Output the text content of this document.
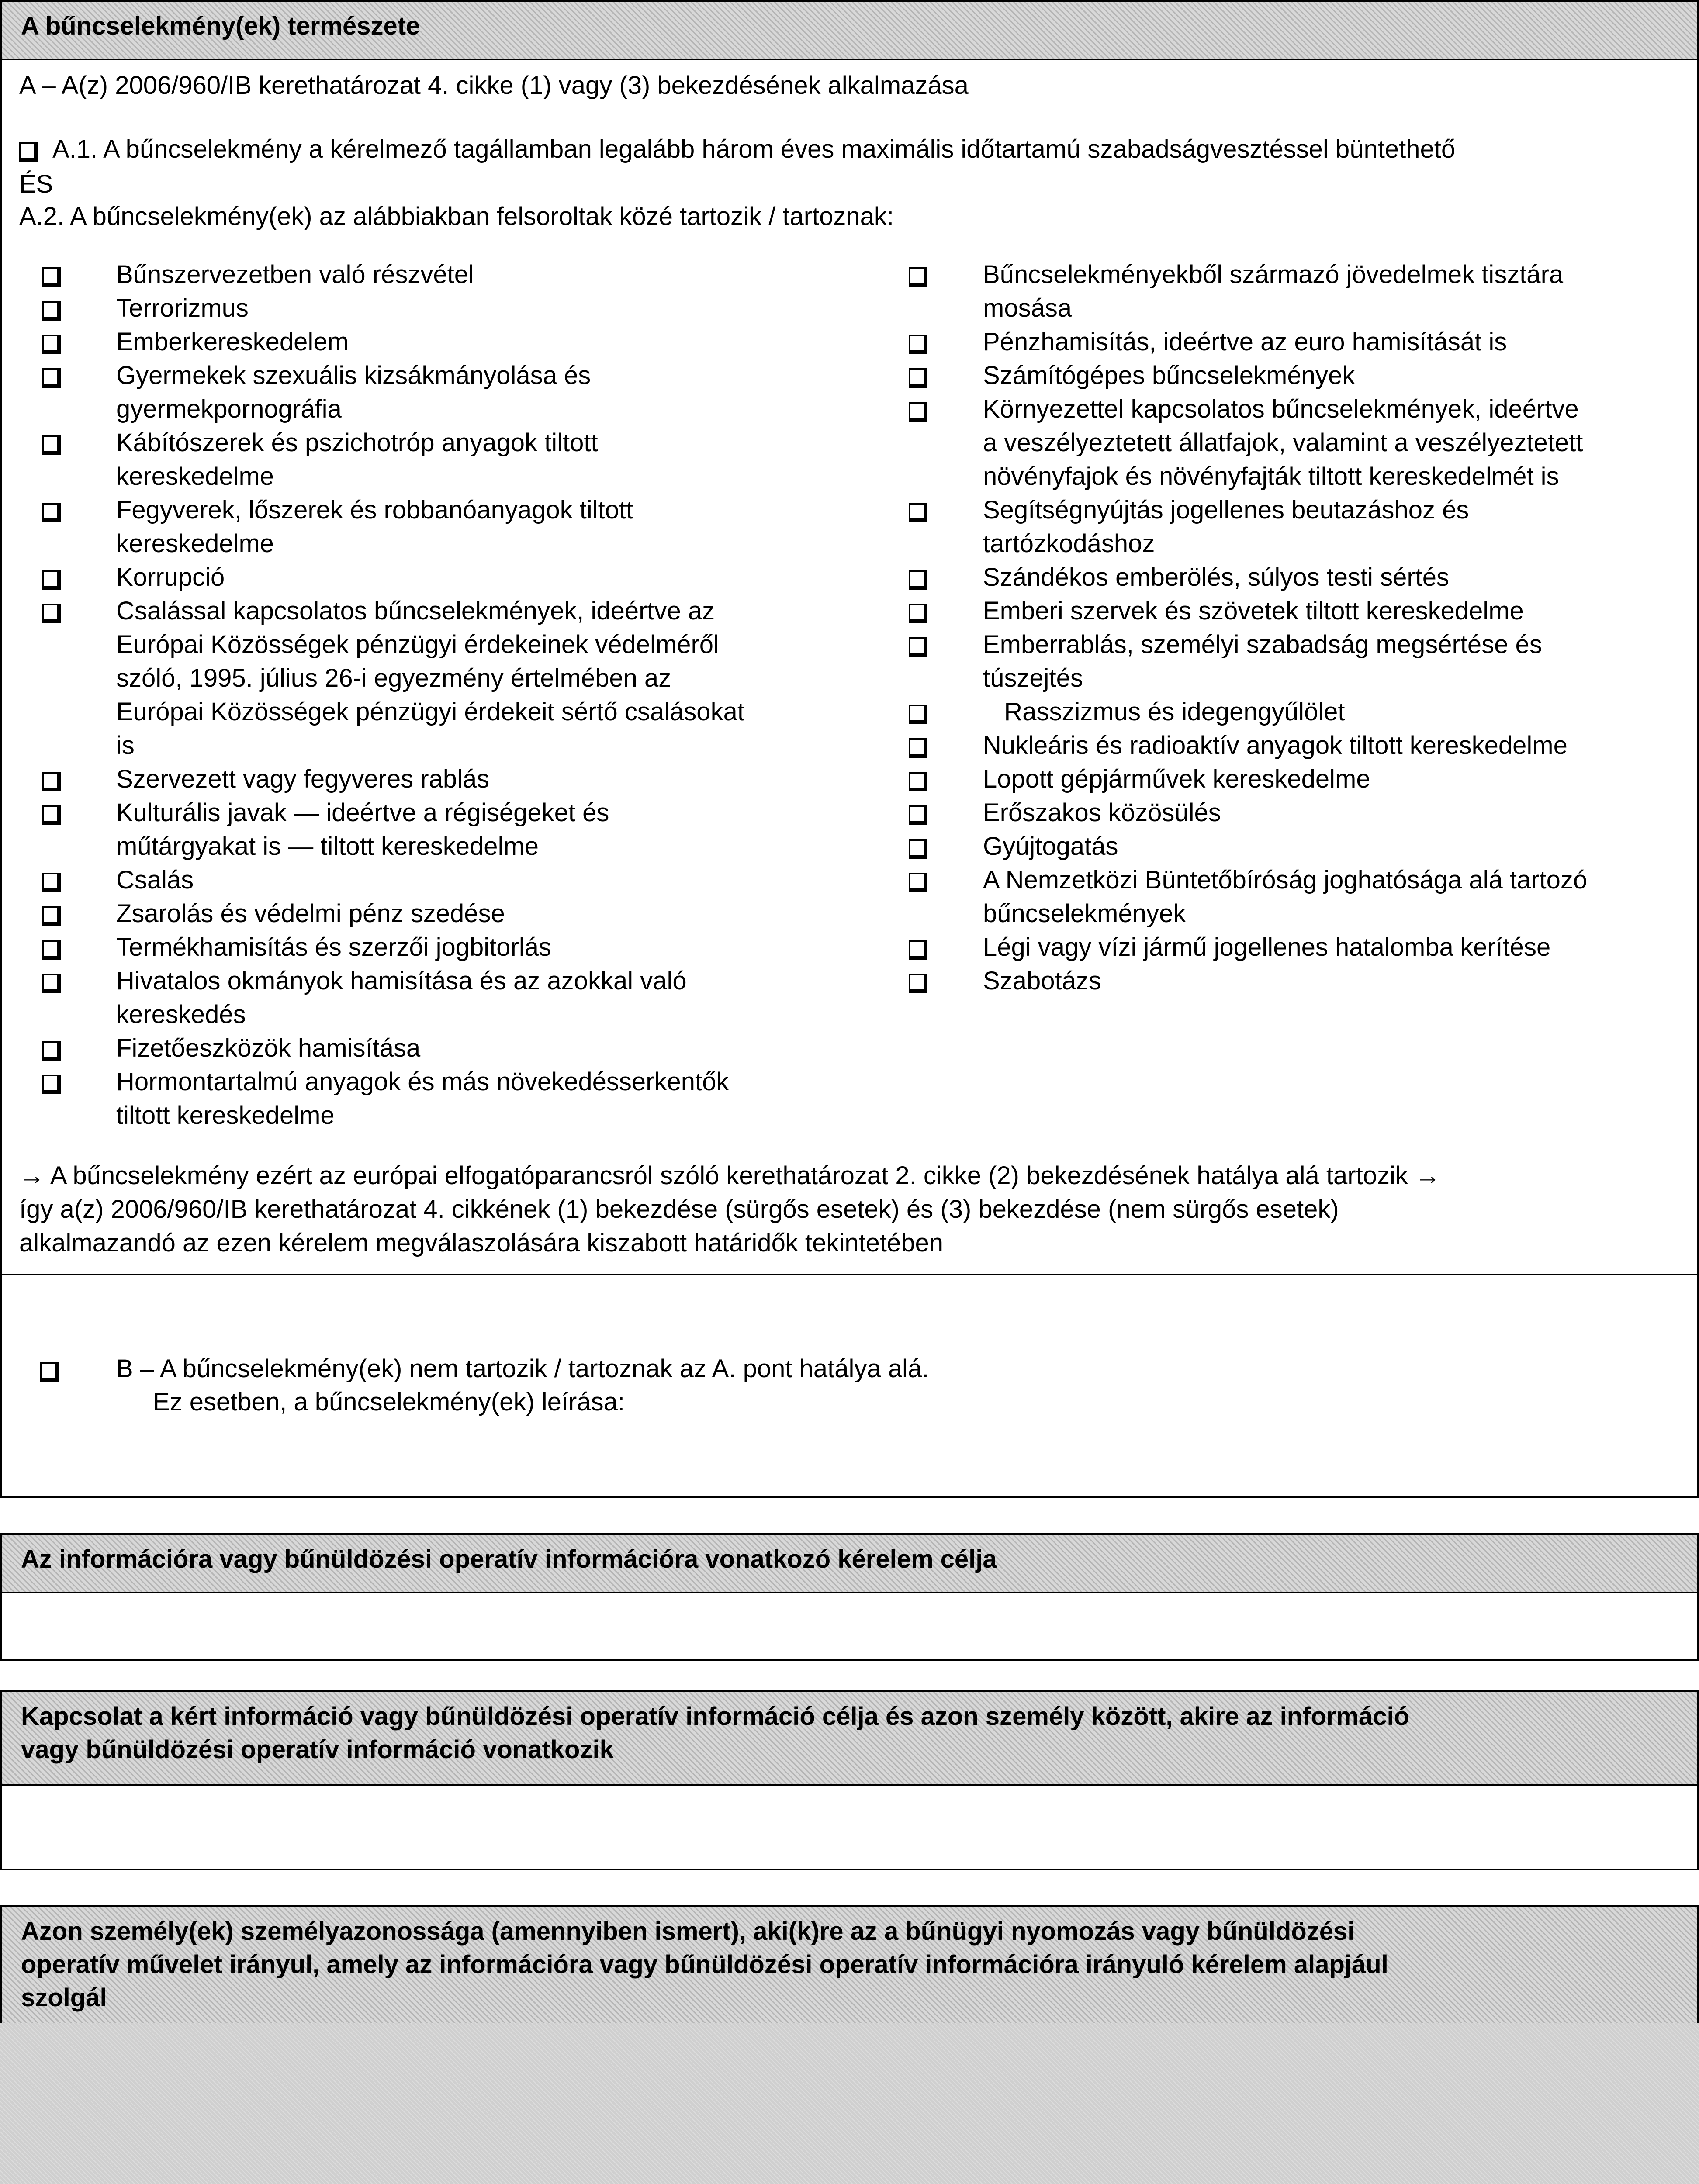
A bűncselekmény(ek) természete
A – A(z) 2006/960/IB kerethatározat 4. cikke (1) vagy (3) bekezdésének alkalmazása
A.1. A bűncselekmény a kérelmező tagállamban legalább három éves maximális időtartamú szabadságvesztéssel büntethető
ÉS
A.2. A bűncselekmény(ek) az alábbiakban felsoroltak közé tartozik / tartoznak:
Bűnszervezetben való részvétel
Terrorizmus
Emberkereskedelem
Gyermekek szexuális kizsákmányolása és
gyermekpornográfia
Kábítószerek és pszichotróp anyagok tiltott
kereskedelme
Fegyverek, lőszerek és robbanóanyagok tiltott
kereskedelme
Korrupció
Csalással kapcsolatos bűncselekmények, ideértve az
Európai Közösségek pénzügyi érdekeinek védelméről
szóló, 1995. július 26-i egyezmény értelmében az
Európai Közösségek pénzügyi érdekeit sértő csalásokat
is
Szervezett vagy fegyveres rablás
Kulturális javak — ideértve a régiségeket és
műtárgyakat is — tiltott kereskedelme
Csalás
Zsarolás és védelmi pénz szedése
Termékhamisítás és szerzői jogbitorlás
Hivatalos okmányok hamisítása és az azokkal való
kereskedés
Fizetőeszközök hamisítása
Hormontartalmú anyagok és más növekedésserkentők
tiltott kereskedelme
Bűncselekményekből származó jövedelmek tisztára
mosása
Pénzhamisítás, ideértve az euro hamisítását is
Számítógépes bűncselekmények
Környezettel kapcsolatos bűncselekmények, ideértve
a veszélyeztetett állatfajok, valamint a veszélyeztetett
növényfajok és növényfajták tiltott kereskedelmét is
Segítségnyújtás jogellenes beutazáshoz és
tartózkodáshoz
Szándékos emberölés, súlyos testi sértés
Emberi szervek és szövetek tiltott kereskedelme
Emberrablás, személyi szabadság megsértése és
túszejtés
Rasszizmus és idegengyűlölet
Nukleáris és radioaktív anyagok tiltott kereskedelme
Lopott gépjárművek kereskedelme
Erőszakos közösülés
Gyújtogatás
A Nemzetközi Büntetőbíróság joghatósága alá tartozó
bűncselekmények
Légi vagy vízi jármű jogellenes hatalomba kerítése
Szabotázs
→ A bűncselekmény ezért az európai elfogatóparancsról szóló kerethatározat 2. cikke (2) bekezdésének hatálya alá tartozik →
így a(z) 2006/960/IB kerethatározat 4. cikkének (1) bekezdése (sürgős esetek) és (3) bekezdése (nem sürgős esetek)
alkalmazandó az ezen kérelem megválaszolására kiszabott határidők tekintetében
B – A bűncselekmény(ek) nem tartozik / tartoznak az A. pont hatálya alá.
Ez esetben, a bűncselekmény(ek) leírása:
Az információra vagy bűnüldözési operatív információra vonatkozó kérelem célja
Kapcsolat a kért információ vagy bűnüldözési operatív információ célja és azon személy között, akire az információ
vagy bűnüldözési operatív információ vonatkozik
Azon személy(ek) személyazonossága (amennyiben ismert), aki(k)re az a bűnügyi nyomozás vagy bűnüldözési
operatív művelet irányul, amely az információra vagy bűnüldözési operatív információra irányuló kérelem alapjául
szolgál
